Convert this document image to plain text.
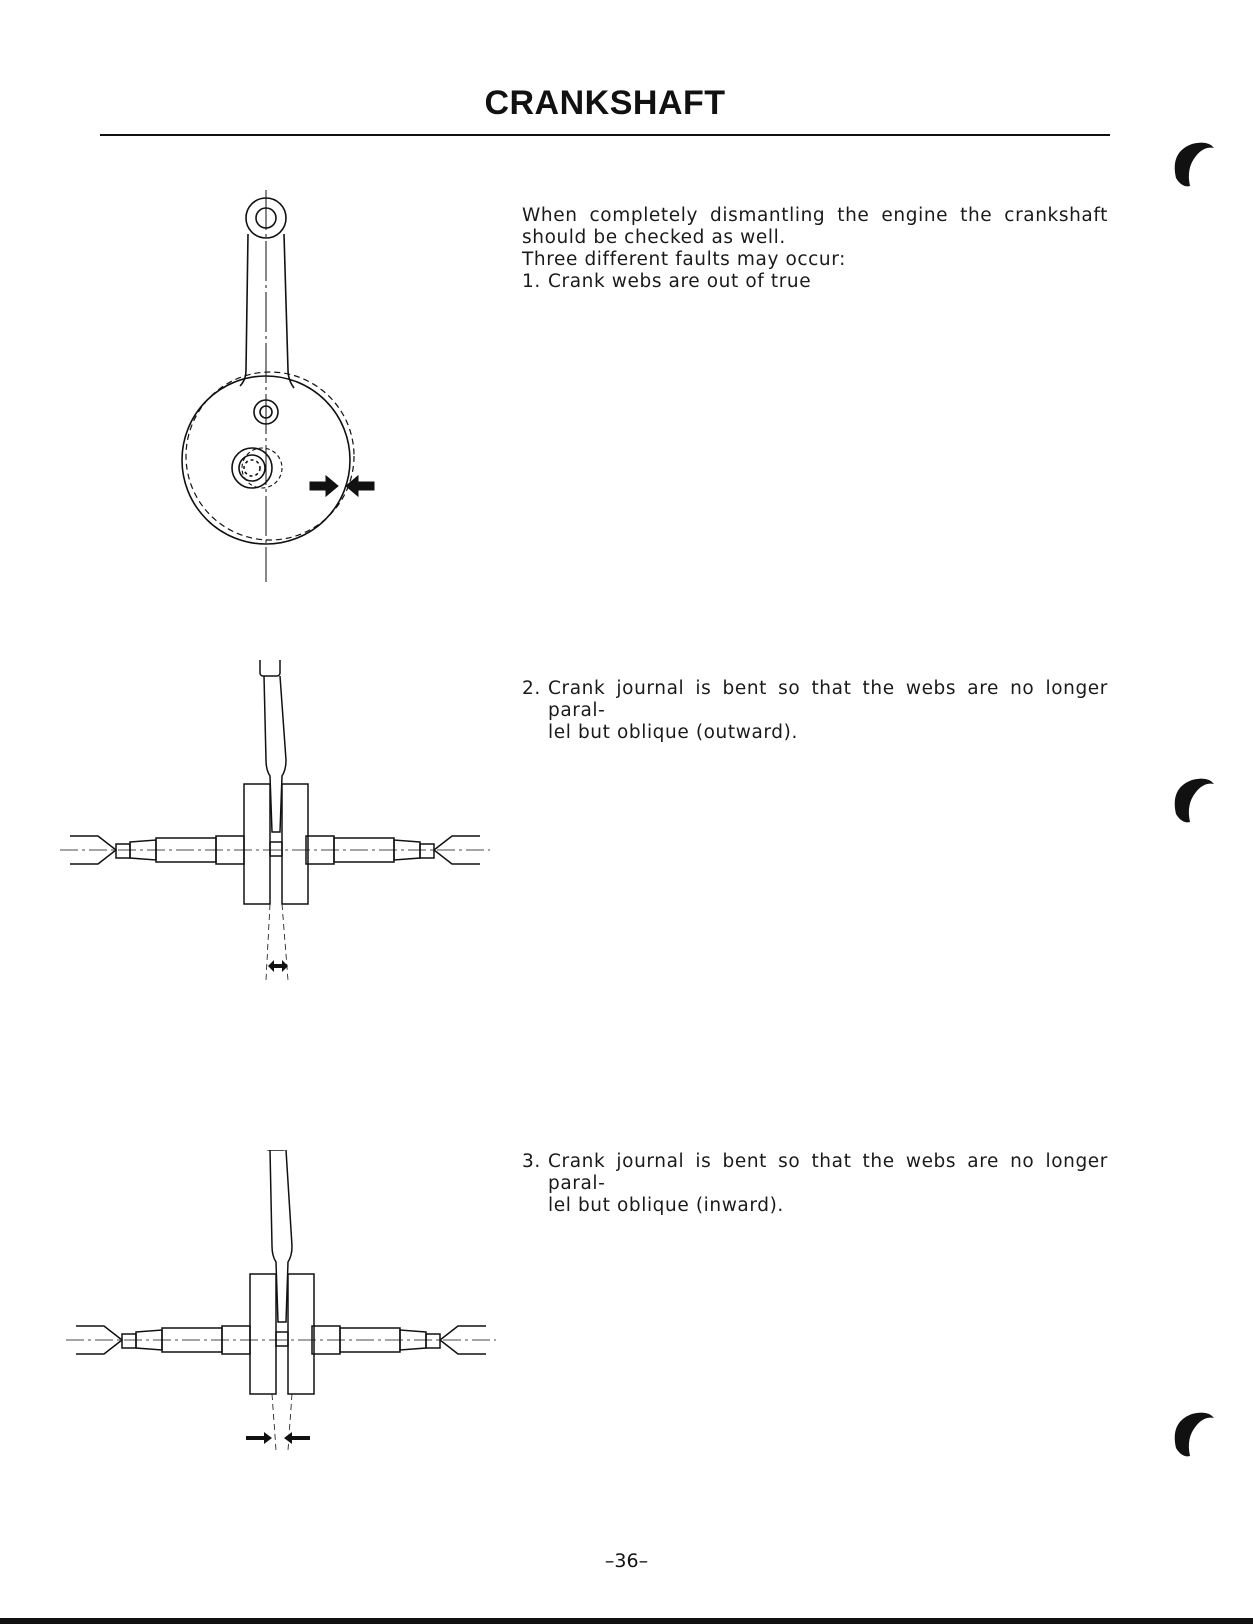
CRANKSHAFT

When completely dismantling the engine the crankshaft

should be checked as well.

Three different faults may occur:

1. Crank webs are out of true
2. Crank journal is bent so that the webs are no longer paral-

lel but oblique (outward).

3. Crank journal is bent so that the webs are no longer paral-

lel but oblique (inward).

–36–
